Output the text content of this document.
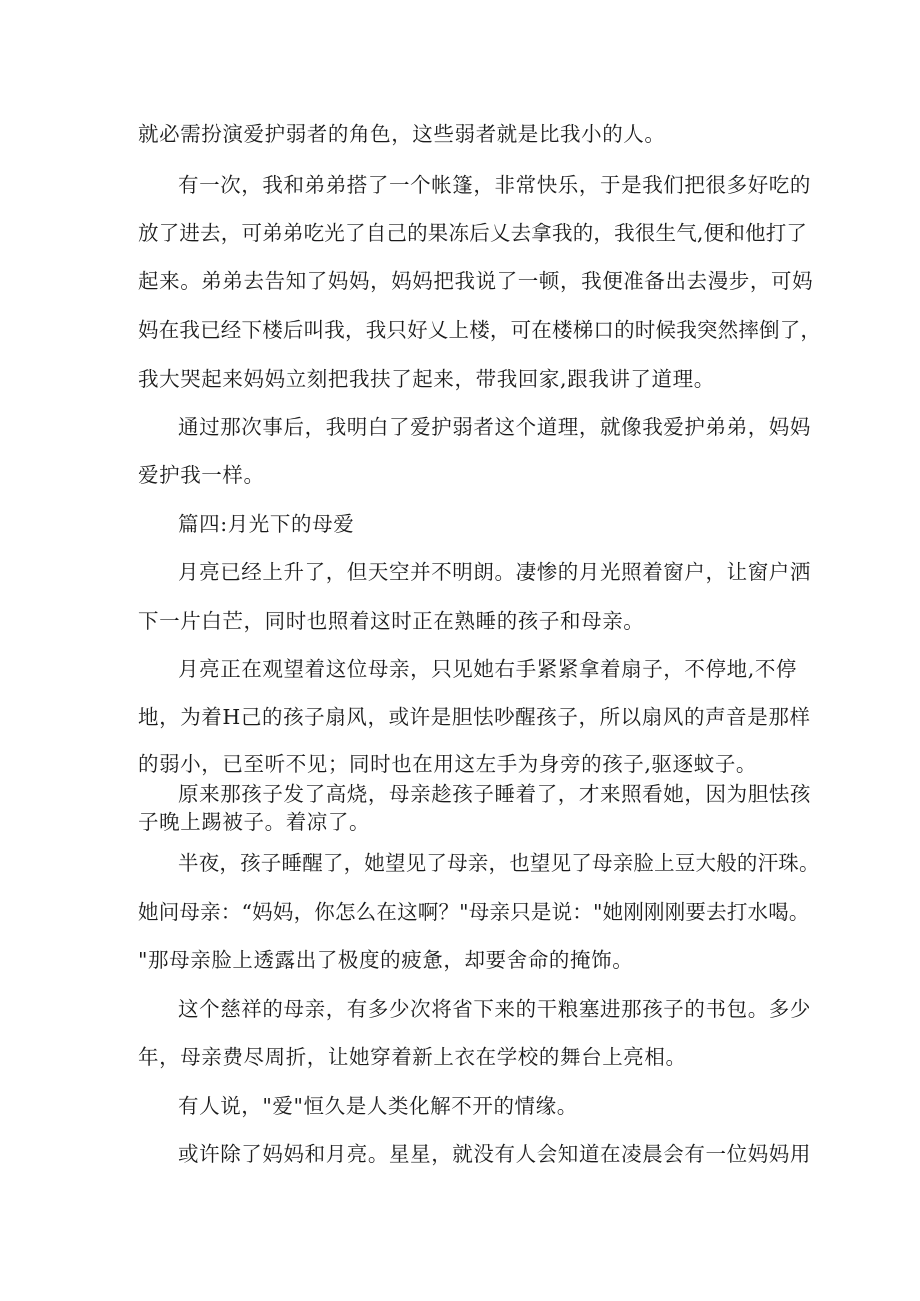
就必需扮演爱护弱者的角色，这些弱者就是比我小的人。
有一次，我和弟弟搭了一个帐篷，非常快乐，于是我们把很多好吃的
放了进去，可弟弟吃光了自己的果冻后乂去拿我的，我很生气,便和他打了
起来。弟弟去告知了妈妈，妈妈把我说了一顿，我便准备出去漫步，可妈
妈在我已经下楼后叫我，我只好乂上楼，可在楼梯口的时候我突然摔倒了，
我大哭起来妈妈立刻把我扶了起来，带我回家,跟我讲了道理。
通过那次事后，我明白了爱护弱者这个道理，就像我爱护弟弟，妈妈
爱护我一样。
篇四:月光下的母爱
月亮已经上升了，但天空并不明朗。凄惨的月光照着窗户，让窗户洒
下一片白芒，同时也照着这时正在熟睡的孩子和母亲。
月亮正在观望着这位母亲，只见她右手紧紧拿着扇子，不停地,不停
地，为着H己的孩子扇风，或许是胆怯吵醒孩子，所以扇风的声音是那样
的弱小，已至听不见；同时也在用这左手为身旁的孩子,驱逐蚊子。
原来那孩子发了高烧，母亲趁孩子睡着了，才来照看她，因为胆怯孩
子晚上踢被子。着凉了。
半夜，孩子睡醒了，她望见了母亲，也望见了母亲脸上豆大般的汗珠。
她问母亲：“妈妈，你怎么在这啊？"母亲只是说："她刚刚刚要去打水喝。
"那母亲脸上透露出了极度的疲惫，却要舍命的掩饰。
这个慈祥的母亲，有多少次将省下来的干粮塞进那孩子的书包。多少
年，母亲费尽周折，让她穿着新上衣在学校的舞台上亮相。
有人说，"爱"恒久是人类化解不开的情缘。
或许除了妈妈和月亮。星星，就没有人会知道在凌晨会有一位妈妈用
